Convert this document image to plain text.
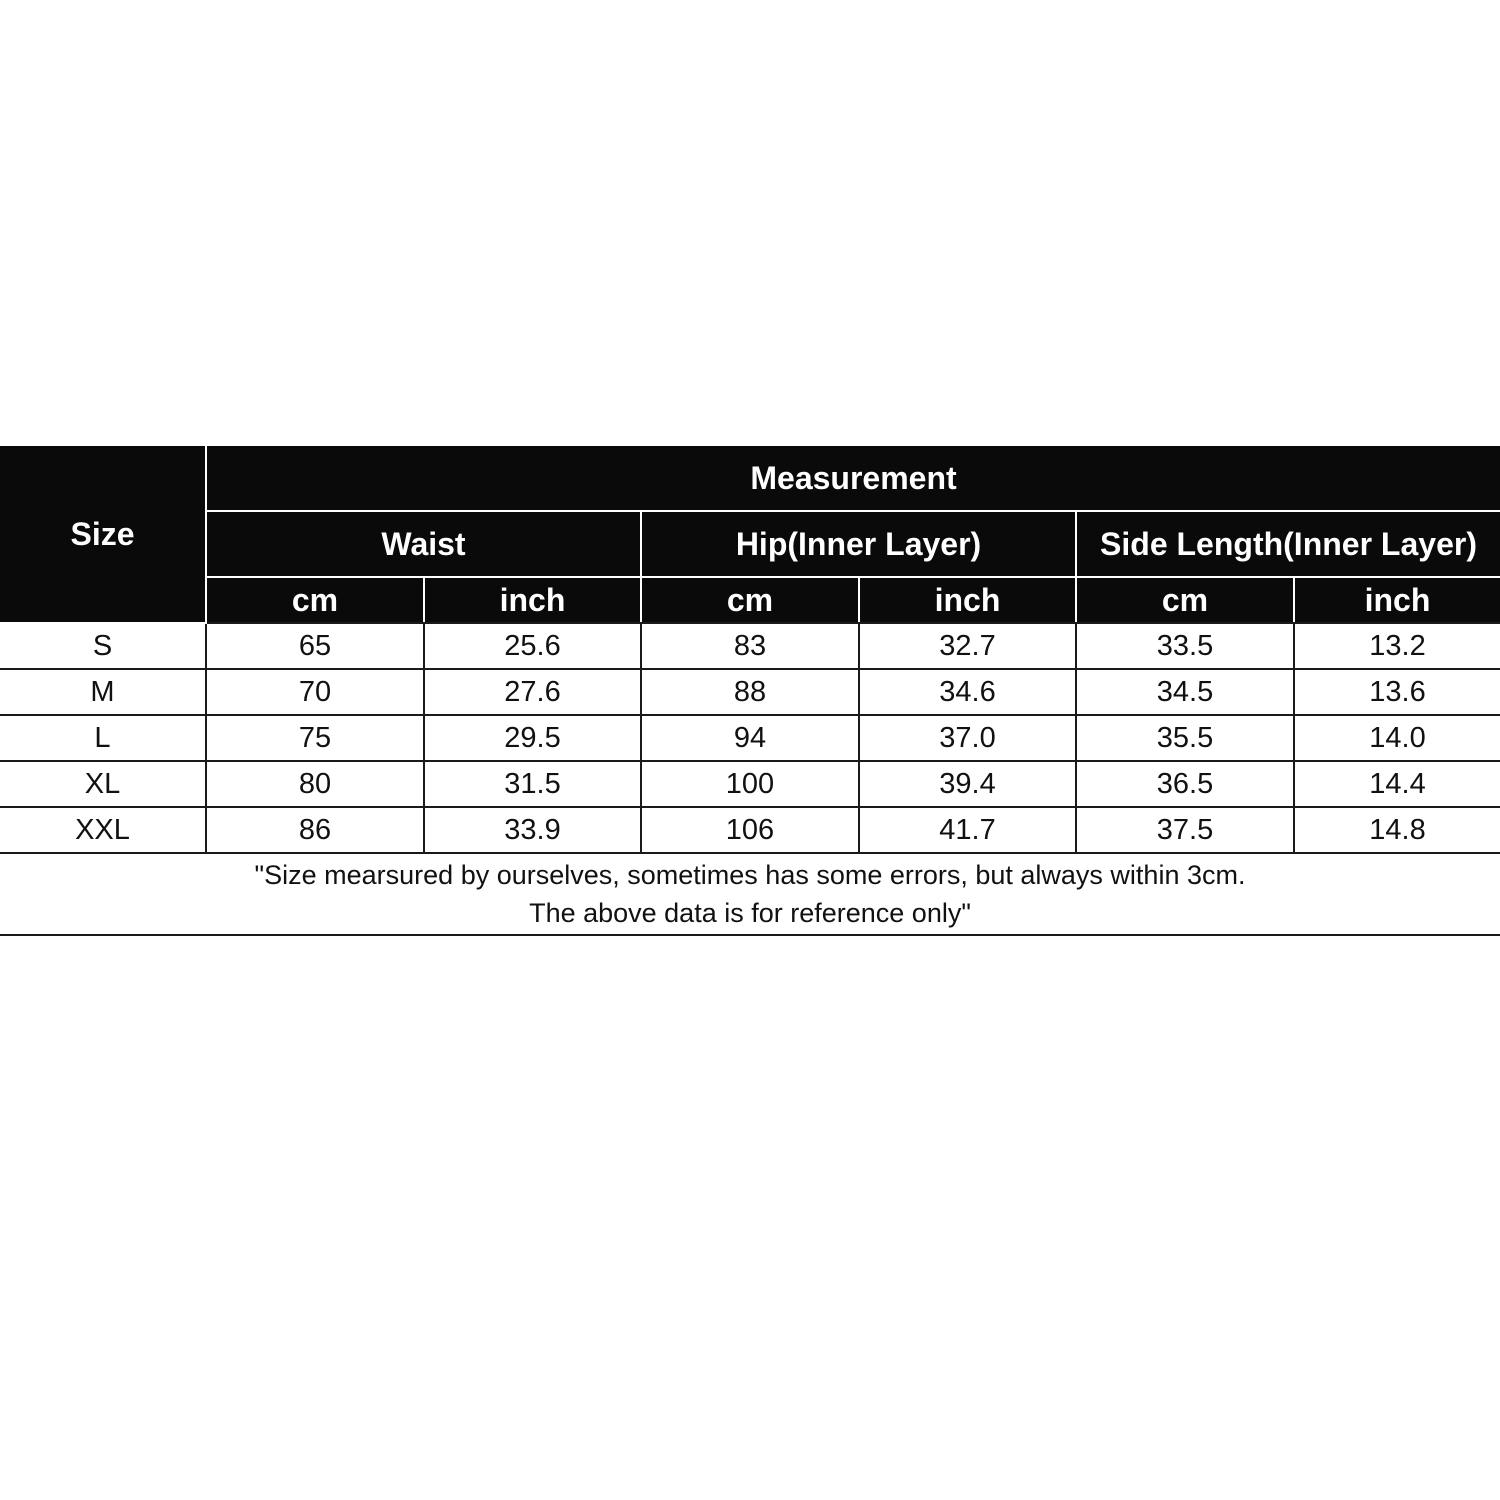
Size	Measurement					
	Waist		Hip(Inner Layer)		Side Length(Inner Layer)	
	cm	inch	cm	inch	cm	inch
S	65	25.6	83	32.7	33.5	13.2
M	70	27.6	88	34.6	34.5	13.6
L	75	29.5	94	37.0	35.5	14.0
XL	80	31.5	100	39.4	36.5	14.4
XXL	86	33.9	106	41.7	37.5	14.8

"Size mearsured by ourselves, sometimes has some errors, but always within 3cm.
The above data is for reference only"						
